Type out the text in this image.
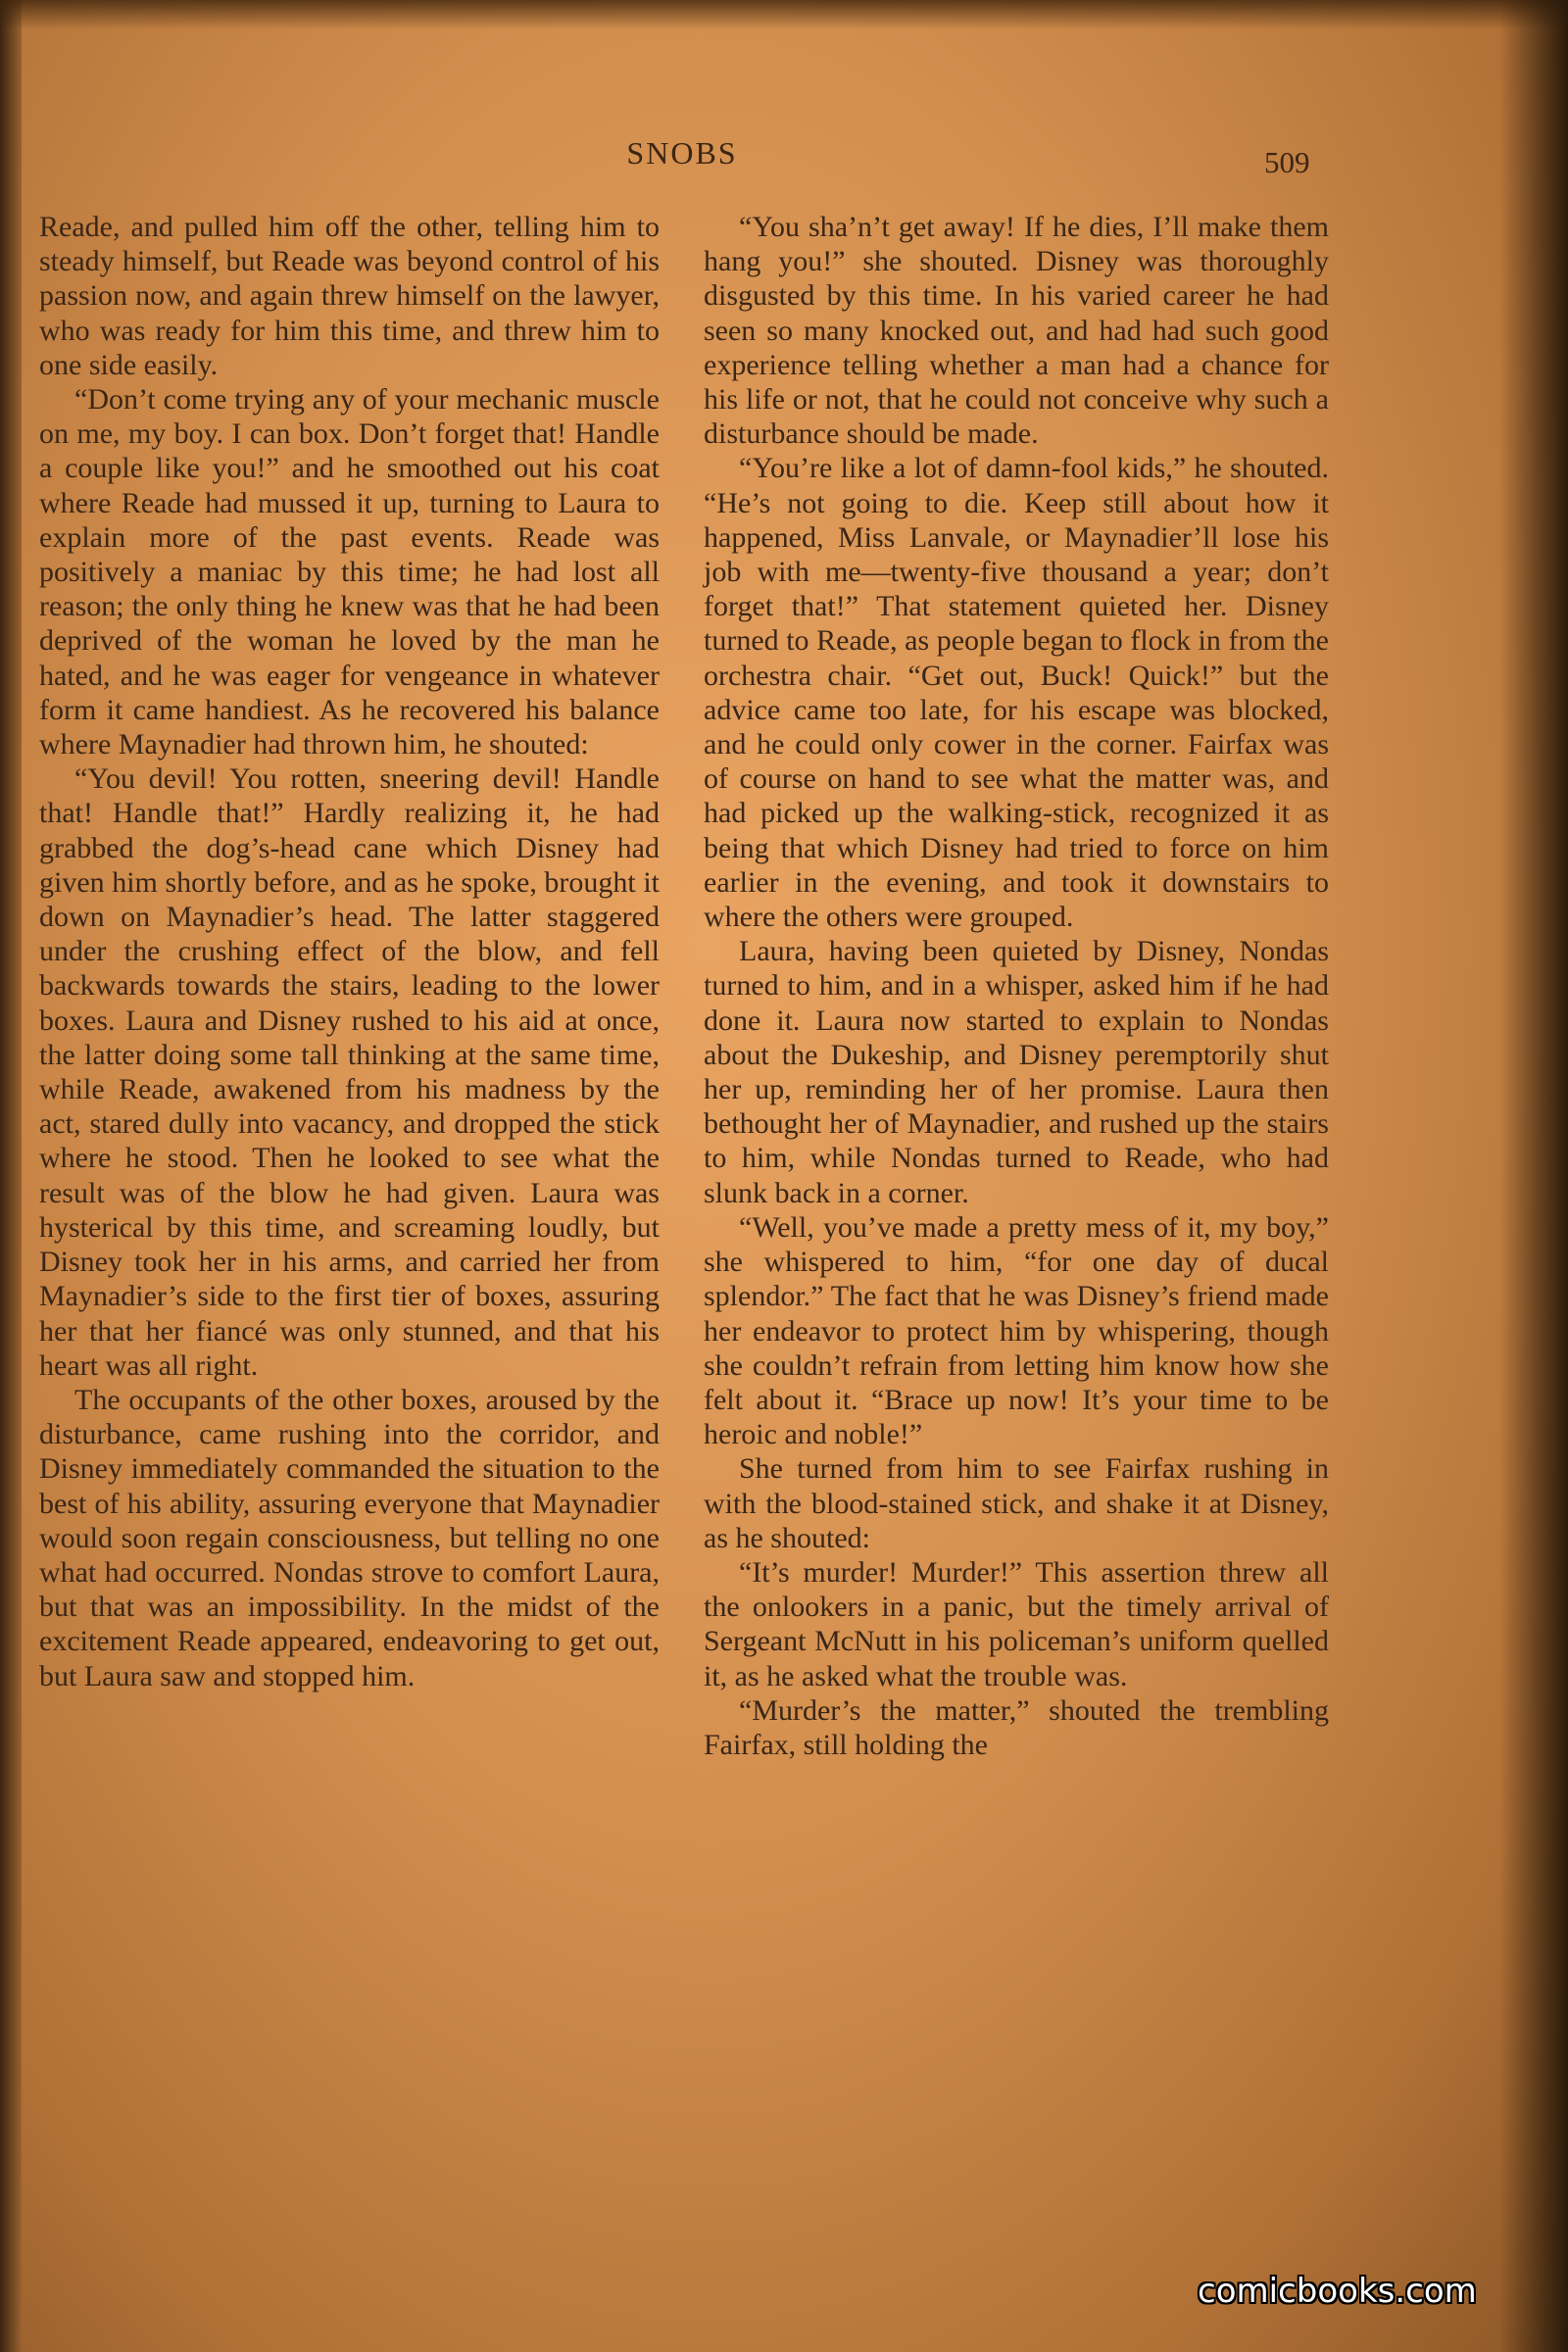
SNOBS	509

Reade, and pulled him off the other, telling him to steady himself, but Reade was beyond control of his passion now, and again threw himself on the lawyer, who was ready for him this time, and threw him to one side easily.

“Don’t come trying any of your mechanic muscle on me, my boy. I can box. Don’t forget that! Handle a couple like you!” and he smoothed out his coat where Reade had mussed it up, turning to Laura to explain more of the past events. Reade was positively a maniac by this time; he had lost all reason; the only thing he knew was that he had been deprived of the woman he loved by the man he hated, and he was eager for vengeance in whatever form it came handiest. As he recovered his balance where Maynadier had thrown him, he shouted:

“You devil! You rotten, sneering devil! Handle that! Handle that!” Hardly realizing it, he had grabbed the dog’s-head cane which Disney had given him shortly before, and as he spoke, brought it down on Maynadier’s head. The latter staggered under the crushing effect of the blow, and fell backwards towards the stairs, leading to the lower boxes. Laura and Disney rushed to his aid at once, the latter doing some tall thinking at the same time, while Reade, awakened from his madness by the act, stared dully into vacancy, and dropped the stick where he stood. Then he looked to see what the result was of the blow he had given. Laura was hysterical by this time, and screaming loudly, but Disney took her in his arms, and carried her from Maynadier’s side to the first tier of boxes, assuring her that her fiancé was only stunned, and that his heart was all right.

The occupants of the other boxes, aroused by the disturbance, came rushing into the corridor, and Disney immediately commanded the situation to the best of his ability, assuring everyone that Maynadier would soon regain consciousness, but telling no one what had occurred. Nondas strove to comfort Laura, but that was an impossibility. In the midst of the excitement Reade appeared, endeavoring to get out, but Laura saw and stopped him.

“You sha’n’t get away! If he dies, I’ll make them hang you!” she shouted. Disney was thoroughly disgusted by this time. In his varied career he had seen so many knocked out, and had had such good experience telling whether a man had a chance for his life or not, that he could not conceive why such a disturbance should be made.

“You’re like a lot of damn-fool kids,” he shouted. “He’s not going to die. Keep still about how it happened, Miss Lanvale, or Maynadier’ll lose his job with me—twenty-five thousand a year; don’t forget that!” That statement quieted her. Disney turned to Reade, as people began to flock in from the orchestra chair. “Get out, Buck! Quick!” but the advice came too late, for his escape was blocked, and he could only cower in the corner. Fairfax was of course on hand to see what the matter was, and had picked up the walking-stick, recognized it as being that which Disney had tried to force on him earlier in the evening, and took it downstairs to where the others were grouped.

Laura, having been quieted by Disney, Nondas turned to him, and in a whisper, asked him if he had done it. Laura now started to explain to Nondas about the Dukeship, and Disney peremptorily shut her up, reminding her of her promise. Laura then bethought her of Maynadier, and rushed up the stairs to him, while Nondas turned to Reade, who had slunk back in a corner.

“Well, you’ve made a pretty mess of it, my boy,” she whispered to him, “for one day of ducal splendor.” The fact that he was Disney’s friend made her endeavor to protect him by whispering, though she couldn’t refrain from letting him know how she felt about it. “Brace up now! It’s your time to be heroic and noble!”

She turned from him to see Fairfax rushing in with the blood-stained stick, and shake it at Disney, as he shouted:

“It’s murder! Murder!” This assertion threw all the onlookers in a panic, but the timely arrival of Sergeant McNutt in his policeman’s uniform quelled it, as he asked what the trouble was.

“Murder’s the matter,” shouted the trembling Fairfax, still holding the

comicbooks.com
